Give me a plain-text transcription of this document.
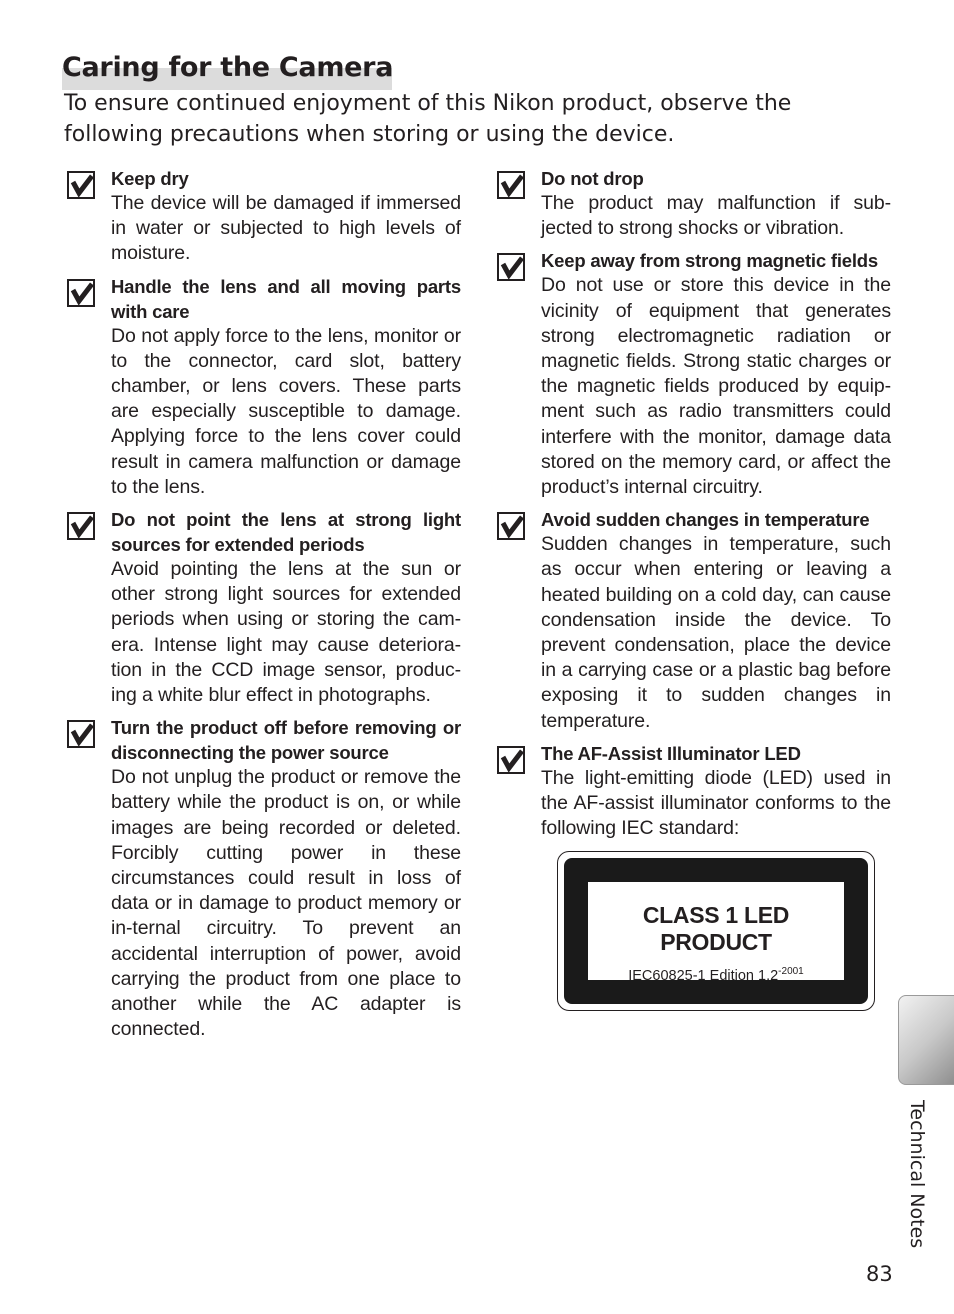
Caring for the Camera

To ensure continued enjoyment of this Nikon product, observe the following precautions when storing or using the device.

Keep dry

The device will be damaged if immersed in water or subjected to high levels of moisture.

Handle the lens and all moving parts with care

Do not apply force to the lens, monitor or to the connector, card slot, battery chamber, or lens covers. These parts are especially susceptible to damage. Applying force to the lens cover could result in camera malfunction or damage to the lens.

Do not point the lens at strong light sources for extended periods

Avoid pointing the lens at the sun or other strong light sources for extended periods when using or storing the cam-era. Intense light may cause deteriora-tion in the CCD image sensor, produc-ing a white blur effect in photographs.

Turn the product off before removing or disconnecting the power source

Do not unplug the product or remove the battery while the product is on, or while images are being recorded or deleted. Forcibly cutting power in these circumstances could result in loss of data or in damage to product memory or in-ternal circuitry. To prevent an accidental interruption of power, avoid carrying the product from one place to another while the AC adapter is connected.

Do not drop

The product may malfunction if sub-jected to strong shocks or vibration.

Keep away from strong magnetic fields

Do not use or store this device in the vicinity of equipment that generates strong electromagnetic radiation or magnetic fields. Strong static charges or the magnetic fields produced by equip-ment such as radio transmitters could interfere with the monitor, damage data stored on the memory card, or affect the product’s internal circuitry.

Avoid sudden changes in temperature

Sudden changes in temperature, such as occur when entering or leaving a heated building on a cold day, can cause condensation inside the device. To prevent condensation, place the device in a carrying case or a plastic bag before exposing it to sudden changes in temperature.

The AF-Assist Illuminator LED

The light-emitting diode (LED) used in the AF-assist illuminator conforms to the following IEC standard:

CLASS 1 LED PRODUCT
IEC60825-1 Edition $1.2^{-2001}$
Technical Notes
83
